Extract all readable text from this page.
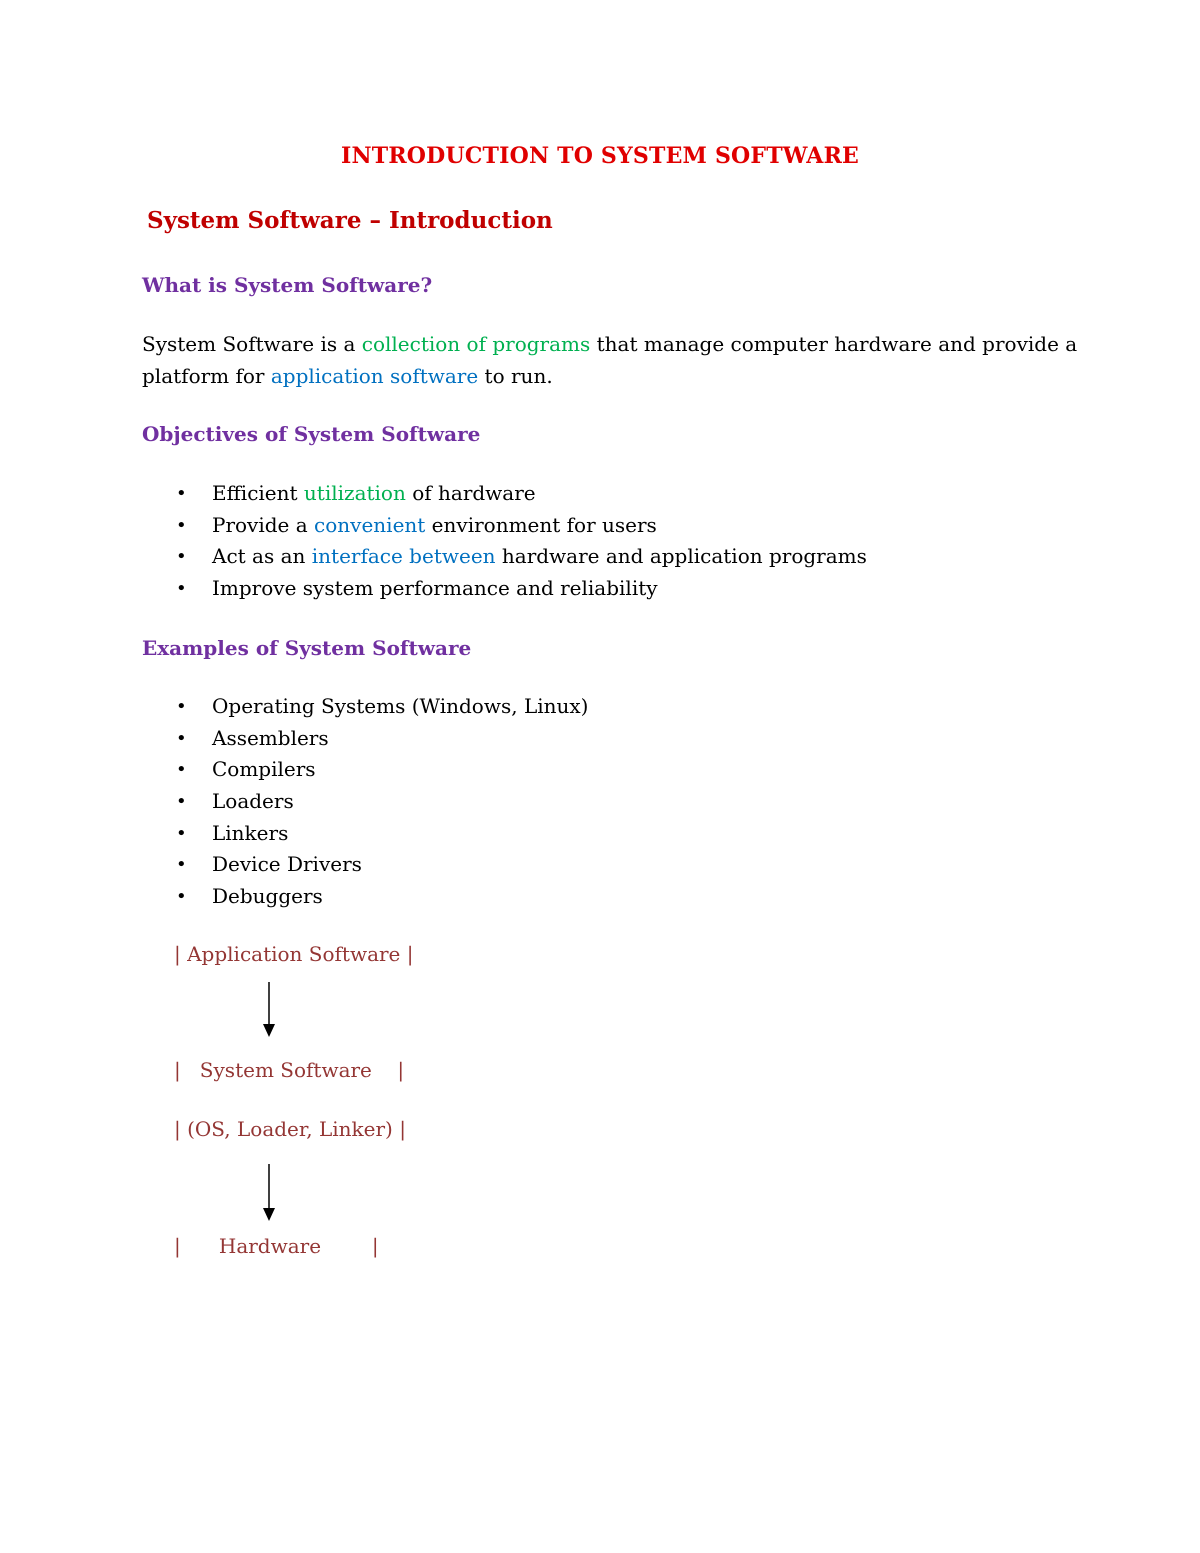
INTRODUCTION TO SYSTEM SOFTWARE
System Software – Introduction
What is System Software?
System Software is a collection of programs that manage computer hardware and provide a platform for application software to run.
Objectives of System Software
• Efficient utilization of hardware
• Provide a convenient environment for users
• Act as an interface between hardware and application programs
• Improve system performance and reliability
Examples of System Software
• Operating Systems (Windows, Linux)
• Assemblers
• Compilers
• Loaders
• Linkers
• Device Drivers
• Debuggers
| Application Software |
|   System Software    |
| (OS, Loader, Linker) |
|      Hardware        |
